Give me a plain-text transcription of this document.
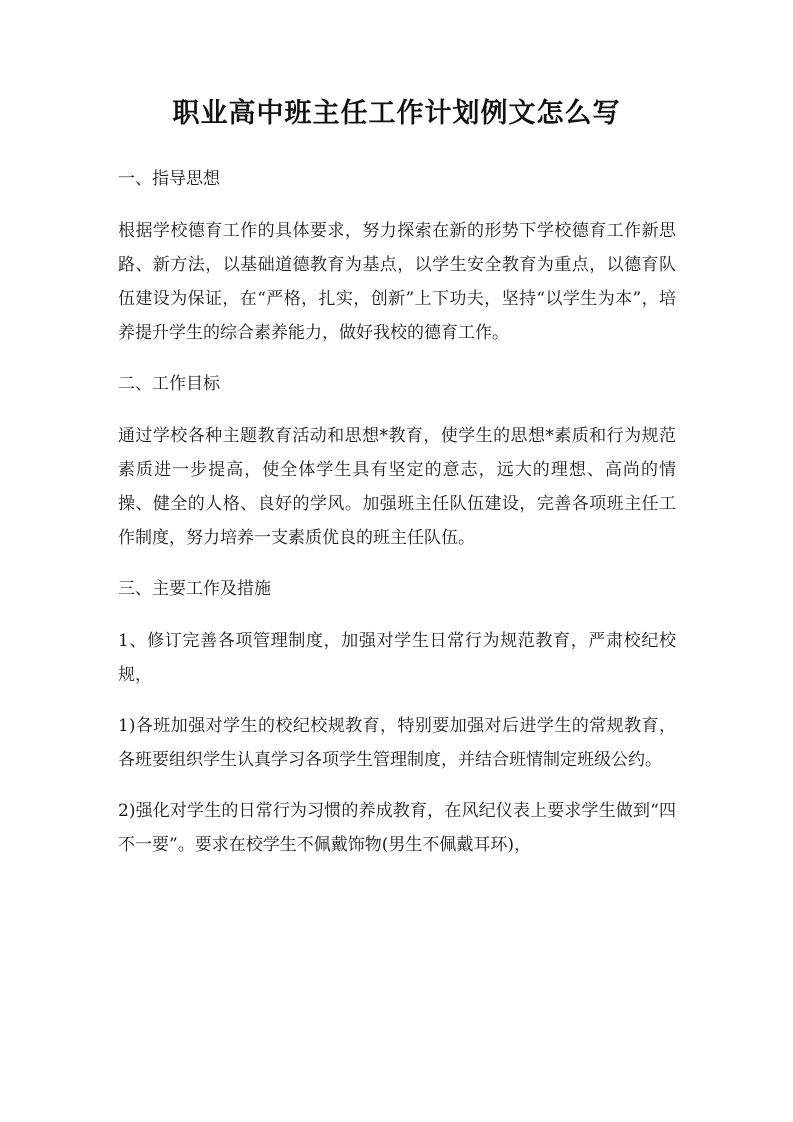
职业高中班主任工作计划例文怎么写

一、指导思想

根据学校德育工作的具体要求，努力探索在新的形势下学校德育工作新思路、新方法，以基础道德教育为基点，以学生安全教育为重点，以德育队伍建设为保证，在“严格，扎实，创新”上下功夫，坚持“以学生为本”，培养提升学生的综合素养能力，做好我校的德育工作。

二、工作目标

通过学校各种主题教育活动和思想*教育，使学生的思想*素质和行为规范素质进一步提高，使全体学生具有坚定的意志，远大的理想、高尚的情操、健全的人格、良好的学风。加强班主任队伍建设，完善各项班主任工作制度，努力培养一支素质优良的班主任队伍。

三、主要工作及措施

1、修订完善各项管理制度，加强对学生日常行为规范教育，严肃校纪校规，

1)各班加强对学生的校纪校规教育，特别要加强对后进学生的常规教育，各班要组织学生认真学习各项学生管理制度，并结合班情制定班级公约。

2)强化对学生的日常行为习惯的养成教育，在风纪仪表上要求学生做到“四不一要”。要求在校学生不佩戴饰物(男生不佩戴耳环)，
